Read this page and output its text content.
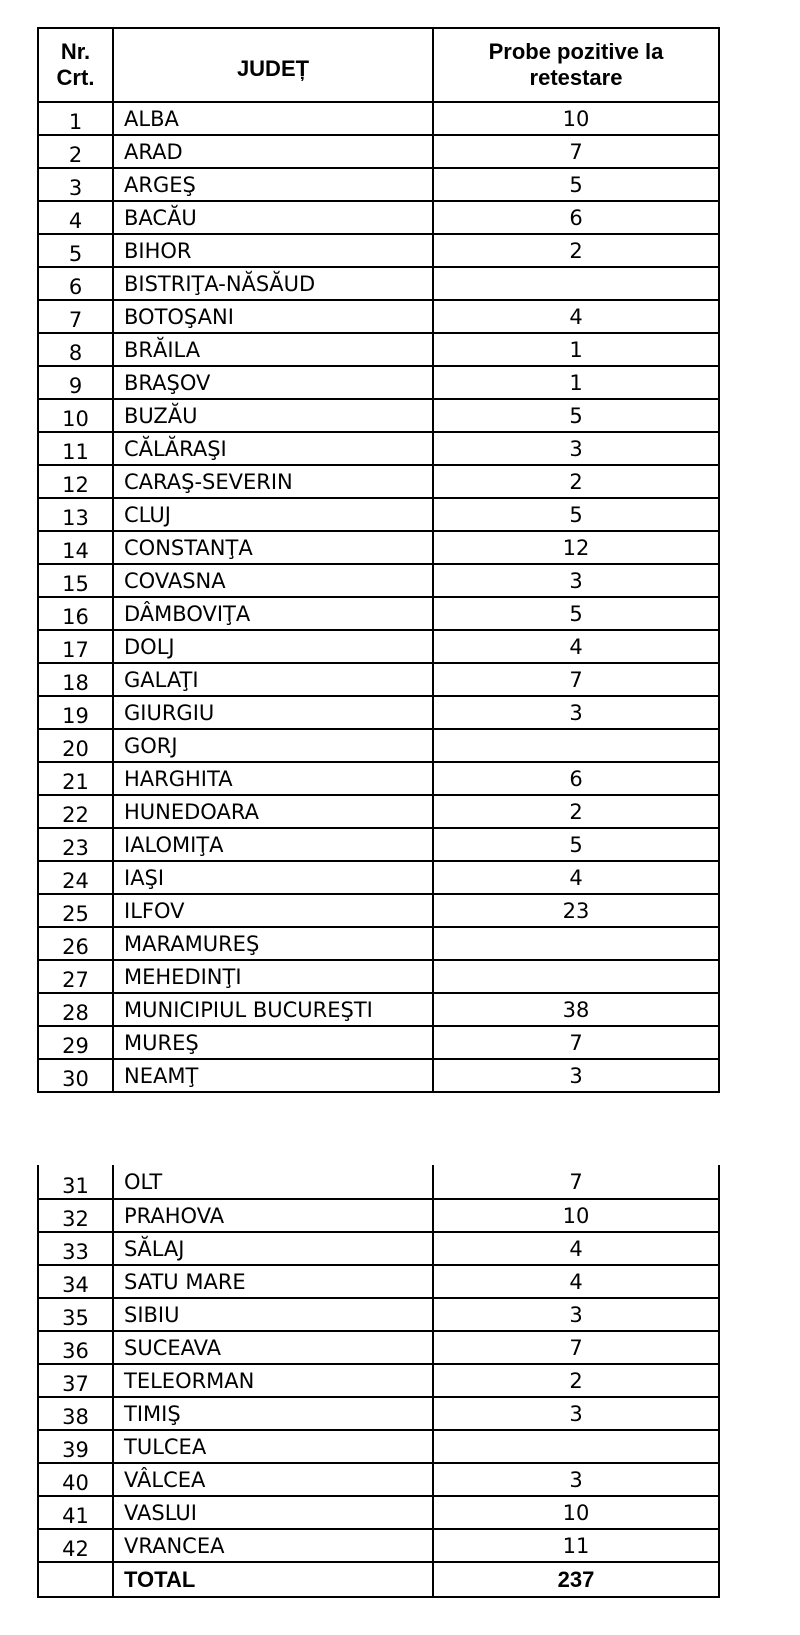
Nr. Crt.	JUDEȚ	Probe pozitive la retestare
1	ALBA	10
2	ARAD	7
3	ARGEŞ	5
4	BACĂU	6
5	BIHOR	2
6	BISTRIŢA-NĂSĂUD	
7	BOTOŞANI	4
8	BRĂILA	1
9	BRAŞOV	1
10	BUZĂU	5
11	CĂLĂRAŞI	3
12	CARAŞ-SEVERIN	2
13	CLUJ	5
14	CONSTANŢA	12
15	COVASNA	3
16	DÂMBOVIŢA	5
17	DOLJ	4
18	GALAŢI	7
19	GIURGIU	3
20	GORJ	
21	HARGHITA	6
22	HUNEDOARA	2
23	IALOMIŢA	5
24	IAŞI	4
25	ILFOV	23
26	MARAMUREŞ	
27	MEHEDINŢI	
28	MUNICIPIUL BUCUREŞTI	38
29	MUREŞ	7
30	NEAMŢ	3
31	OLT	7
32	PRAHOVA	10
33	SĂLAJ	4
34	SATU MARE	4
35	SIBIU	3
36	SUCEAVA	7
37	TELEORMAN	2
38	TIMIŞ	3
39	TULCEA	
40	VÂLCEA	3
41	VASLUI	10
42	VRANCEA	11
	TOTAL	237
